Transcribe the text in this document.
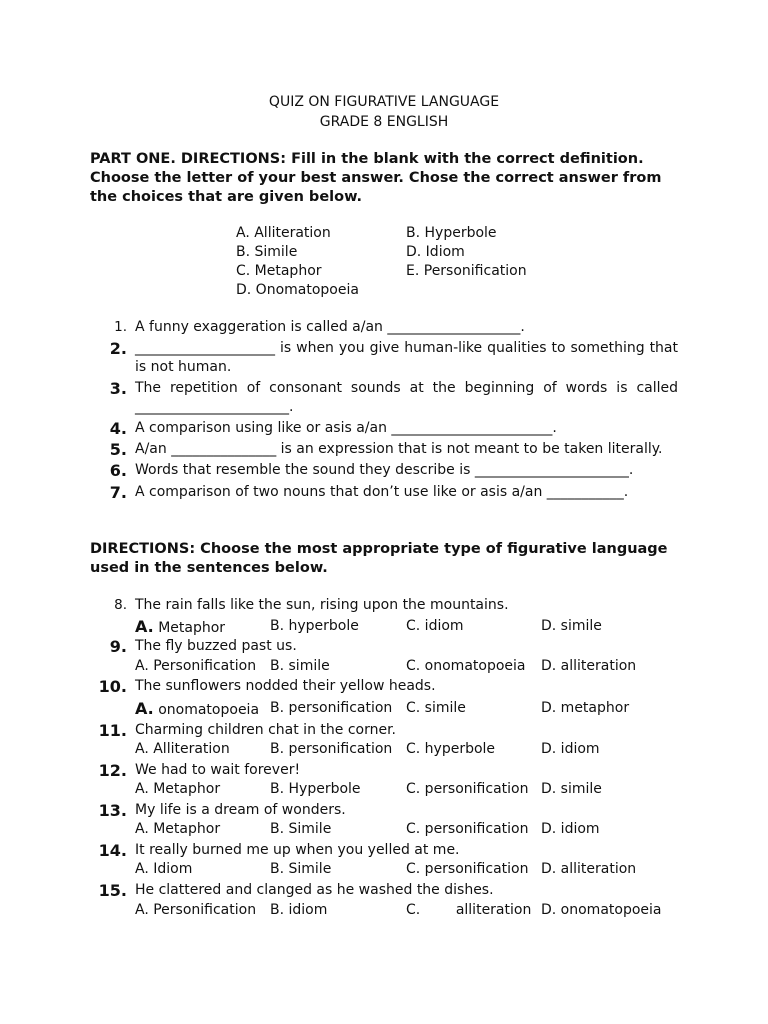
QUIZ ON FIGURATIVE LANGUAGE
GRADE 8 ENGLISH
PART ONE. DIRECTIONS: Fill in the blank with the correct definition. Choose the letter of your best answer. Chose the correct answer from the choices that are given below.
A. Alliteration	B. Hyperbole
B. Simile	D. Idiom
C. Metaphor	E. Personification
D. Onomatopoeia
1. A funny exaggeration is called a/an ___________________.
2. ____________________ is when you give human-like qualities to something that is not human.
3. The repetition of consonant sounds at the beginning of words is called ______________________.
4. A comparison using like or asis a/an _______________________.
5. A/an _______________ is an expression that is not meant to be taken literally.
6. Words that resemble the sound they describe is ______________________.
7. A comparison of two nouns that don’t use like or asis a/an ___________.
DIRECTIONS: Choose the most appropriate type of figurative language used in the sentences below.
8. The rain falls like the sun, rising upon the mountains.
A. Metaphor	B. hyperbole	C. idiom	D. simile
9. The fly buzzed past us.
A. Personification B. simile	C. onomatopoeia D. alliteration
10. The sunflowers nodded their yellow heads.
A. onomatopoeia B. personification C. simile	D. metaphor
11. Charming children chat in the corner.
A. Alliteration	B. personification C. hyperbole	D. idiom
12. We had to wait forever!
A. Metaphor	B. Hyperbole	C. personification D. simile
13. My life is a dream of wonders.
A. Metaphor	B. Simile	C. personification D. idiom
14. It really burned me up when you yelled at me.
A. Idiom	B. Simile	C. personification D. alliteration
15. He clattered and clanged as he washed the dishes.
A. Personification B. idiom	C.        alliteration D. onomatopoeia
